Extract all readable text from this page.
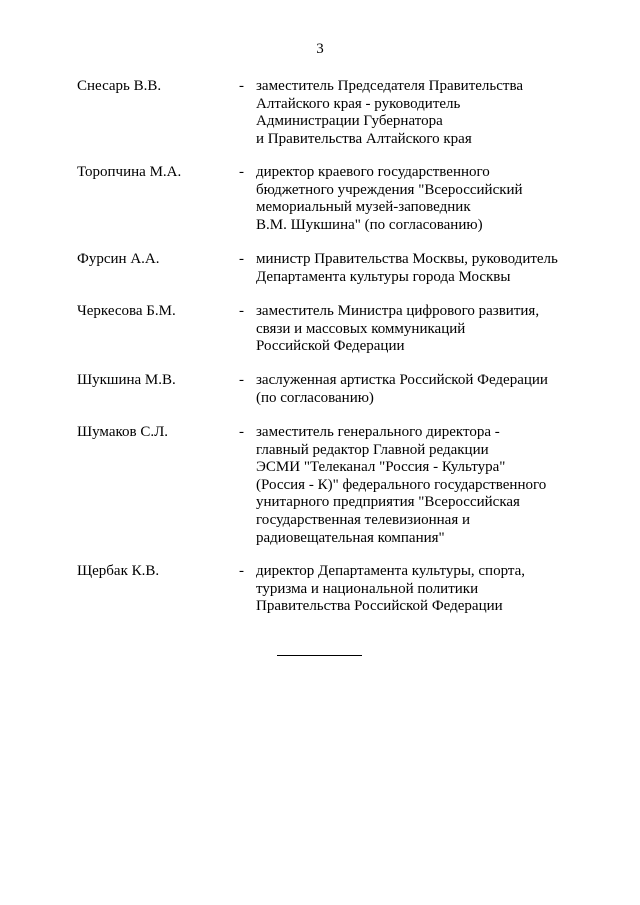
3
Снесарь В.В.	- заместитель Председателя Правительства
Алтайского края - руководитель
Администрации Губернатора
и Правительства Алтайского края
Торопчина М.А.	- директор краевого государственного
бюджетного учреждения "Всероссийский
мемориальный музей-заповедник
В.М. Шукшина" (по согласованию)
Фурсин А.А.	- министр Правительства Москвы, руководитель
Департамента культуры города Москвы
Черкесова Б.М.	- заместитель Министра цифрового развития,
связи и массовых коммуникаций
Российской Федерации
Шукшина М.В.	- заслуженная артистка Российской Федерации
(по согласованию)
Шумаков С.Л.	- заместитель генерального директора -
главный редактор Главной редакции
ЭСМИ "Телеканал "Россия - Культура"
(Россия - К)" федерального государственного
унитарного предприятия "Всероссийская
государственная телевизионная и
радиовещательная компания"
Щербак К.В.	- директор Департамента культуры, спорта,
туризма и национальной политики
Правительства Российской Федерации
